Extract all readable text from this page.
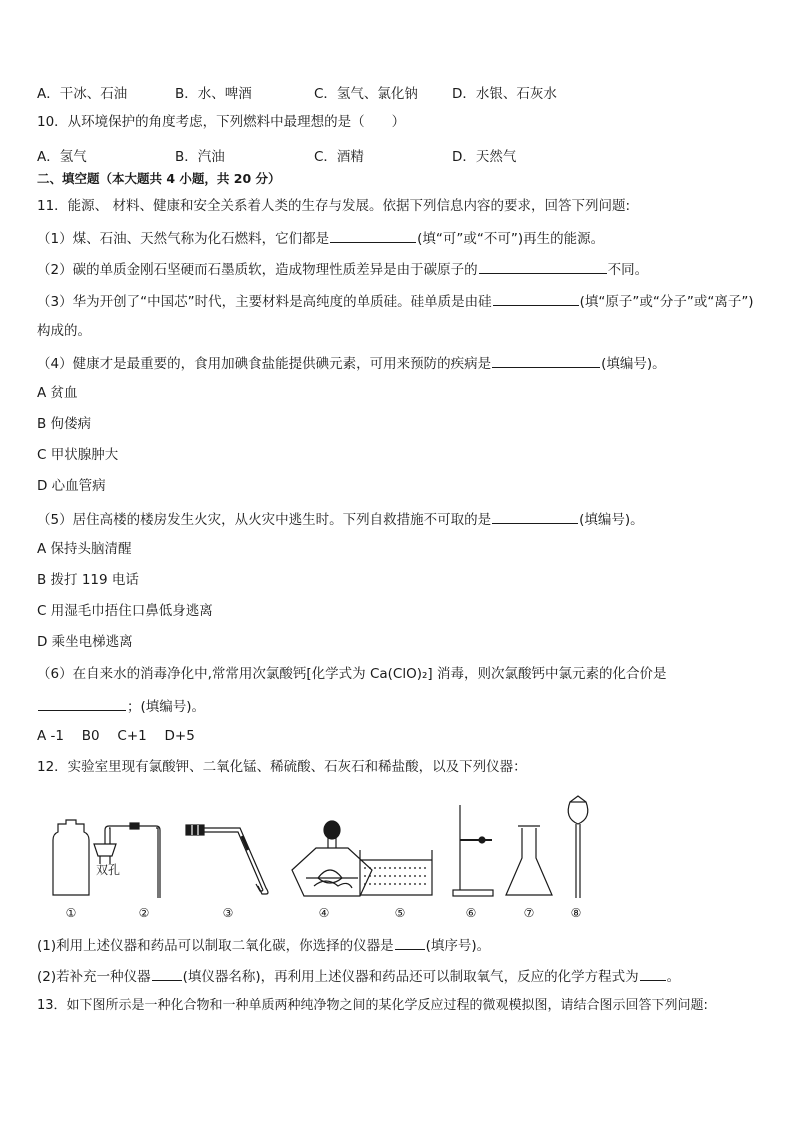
A．干冰、石油	B．水、啤酒	C．氢气、氯化钠	D．水银、石灰水
10．从环境保护的角度考虑，下列燃料中最理想的是（　　）
A．氢气	B．汽油	C．酒精	D．天然气
二、填空题（本大题共 4 小题，共 20 分）
11．能源、 材料、健康和安全关系着人类的生存与发展。依据下列信息内容的要求，回答下列问题:
（1）煤、石油、天然气称为化石燃料，它们都是	(填“可”或“不可”)再生的能源。
（2）碳的单质金刚石坚硬而石墨质软，造成物理性质差异是由于碳原子的	不同。
（3）华为开创了“中国芯”时代，主要材料是高纯度的单质硅。硅单质是由硅	(填“原子”或“分子”或“离子”)
构成的。
（4）健康才是最重要的，食用加碘食盐能提供碘元素，可用来预防的疾病是	(填编号)。
A 贫血
B 佝偻病
C 甲状腺肿大
D 心血管病
（5）居住高楼的楼房发生火灾，从火灾中逃生时。下列自救措施不可取的是	(填编号)。
A 保持头脑清醒
B 拨打 119 电话
C 用湿毛巾捂住口鼻低身逃离
D 乘坐电梯逃离
（6）在自来水的消毒净化中,常常用次氯酸钙[化学式为 Ca(ClO)₂] 消毒，则次氯酸钙中氯元素的化合价是
；(填编号)。
A -1　 B0　 C+1　 D+5
12．实验室里现有氯酸钾、二氧化锰、稀硫酸、石灰石和稀盐酸，以及下列仪器：
双孔
①	②	③	④	⑤	⑥	⑦	⑧
(1)利用上述仪器和药品可以制取二氧化碳，你选择的仪器是 (填序号)。
(2)若补充一种仪器 (填仪器名称)，再利用上述仪器和药品还可以制取氧气，反应的化学方程式为 。
13．如下图所示是一种化合物和一种单质两种纯净物之间的某化学反应过程的微观模拟图，请结合图示回答下列问题:
